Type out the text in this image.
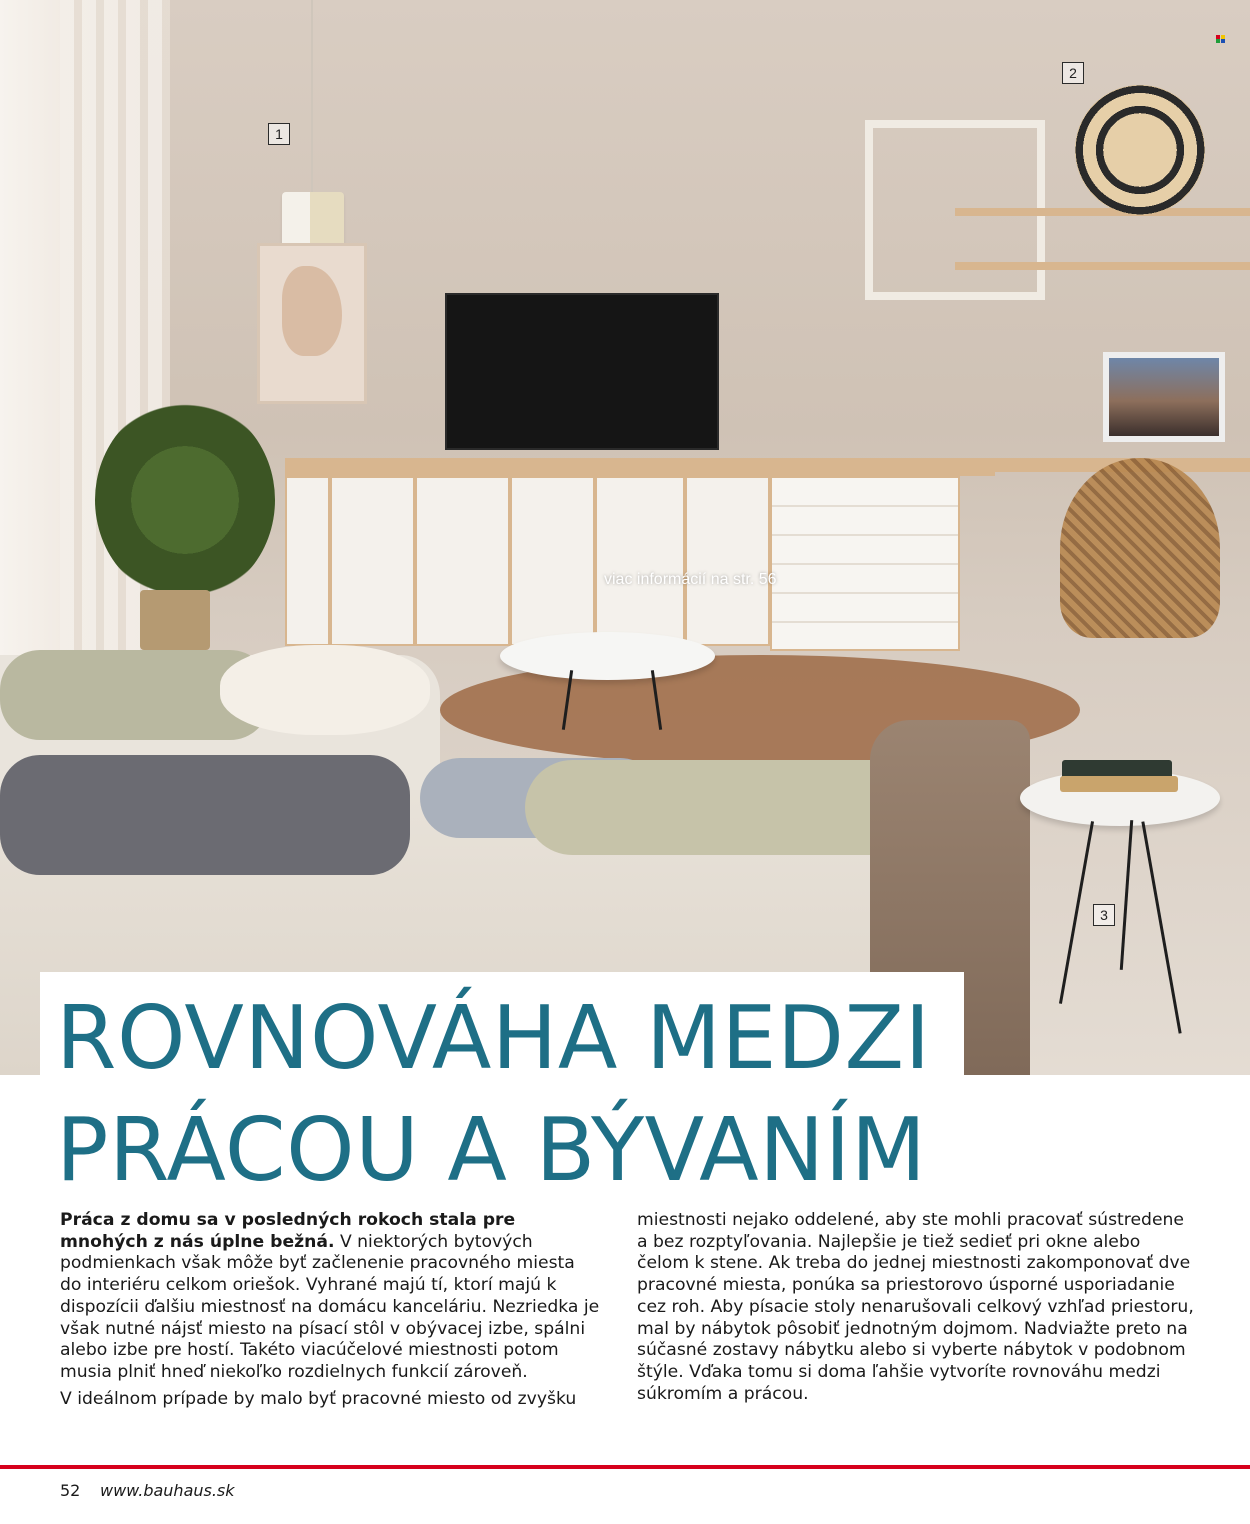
1
2
3
viac informácií na str. 56
ROVNOVÁHA MEDZI
PRÁCOU A BÝVANÍM

Práca z domu sa v posledných rokoch stala pre mnohých z nás úplne bežná. V niektorých bytových podmienkach však môže byť začlenenie pracovného miesta do interiéru celkom oriešok. Vyhrané majú tí, ktorí majú k dispozícii ďalšiu miestnosť na domácu kanceláriu. Nezriedka je však nutné nájsť miesto na písací stôl v obývacej izbe, spálni alebo izbe pre hostí. Takéto viacúčelové miestnosti potom musia plniť hneď niekoľko rozdielnych funkcií zároveň.

V ideálnom prípade by malo byť pracovné miesto od zvyšku

miestnosti nejako oddelené, aby ste mohli pracovať sústredene a bez rozptyľovania. Najlepšie je tiež sedieť pri okne alebo čelom k stene. Ak treba do jednej miestnosti zakomponovať dve pracovné miesta, ponúka sa priestorovo úsporné usporiadanie cez roh. Aby písacie stoly nenarušovali celkový vzhľad priestoru, mal by nábytok pôsobiť jednotným dojmom. Nadviažte preto na súčasné zostavy nábytku alebo si vyberte nábytok v podobnom štýle. Vďaka tomu si doma ľahšie vytvoríte rovnováhu medzi súkromím a prácou.

52 www.bauhaus.sk
